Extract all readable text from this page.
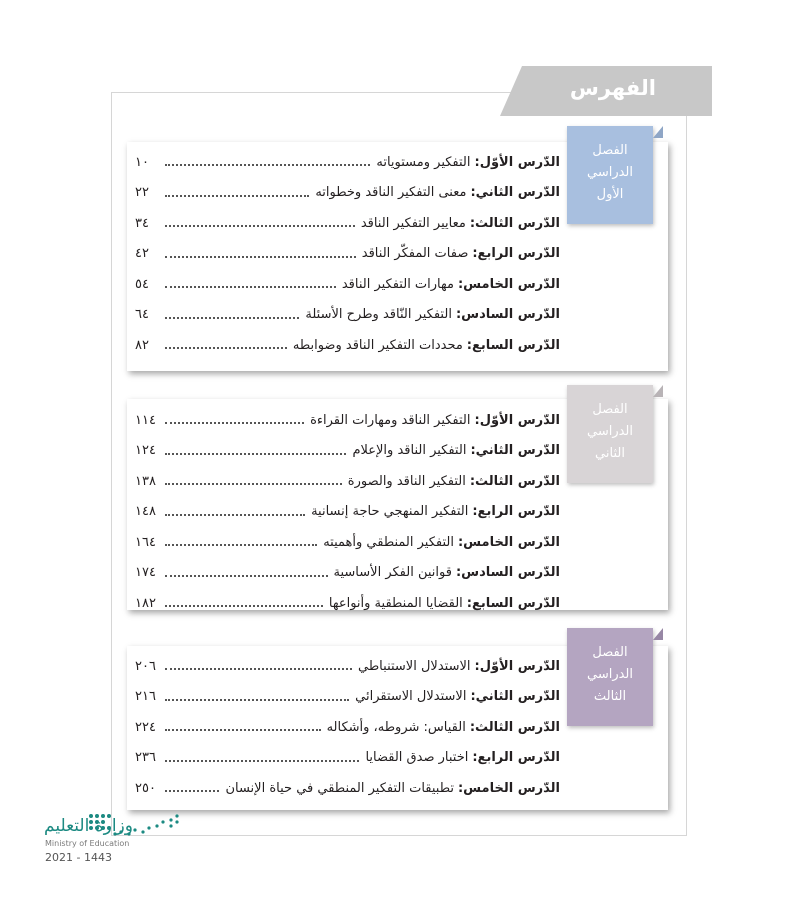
الفهرس
الفصل
الدراسي
الأول
الفصل
الدراسي
الثاني
الفصل
الدراسي
الثالث
الدّرس الأوّل:
التفكير ومستوياته
١٠
الدّرس الثاني:
معنى التفكير الناقد وخطواته
٢٢
الدّرس الثالث:
معايير التفكير الناقد
٣٤
الدّرس الرابع:
صفات المفكّر الناقد
٤٢
الدّرس الخامس:
مهارات التفكير الناقد
٥٤
الدّرس السادس:
التفكير النّاقد وطرح الأسئلة
٦٤
الدّرس السابع:
محددات التفكير الناقد وضوابطه
٨٢
الدّرس الأوّل:
التفكير الناقد ومهارات القراءة
١١٤
الدّرس الثاني:
التفكير الناقد والإعلام
١٢٤
الدّرس الثالث:
التفكير الناقد والصورة
١٣٨
الدّرس الرابع:
التفكير المنهجي حاجة إنسانية
١٤٨
الدّرس الخامس:
التفكير المنطقي وأهميته
١٦٤
الدّرس السادس:
قوانين الفكر الأساسية
١٧٤
الدّرس السابع:
القضايا المنطقية وأنواعها
١٨٢
الدّرس الأوّل:
الاستدلال الاستنباطي
٢٠٦
الدّرس الثاني:
الاستدلال الاستقرائي
٢١٦
الدّرس الثالث:
القياس: شروطه، وأشكاله
٢٢٤
الدّرس الرابع:
اختبار صدق القضايا
٢٣٦
الدّرس الخامس:
تطبيقات التفكير المنطقي في حياة الإنسان
٢٥٠
وزارة التعليم
Ministry of Education
2021 - 1443
